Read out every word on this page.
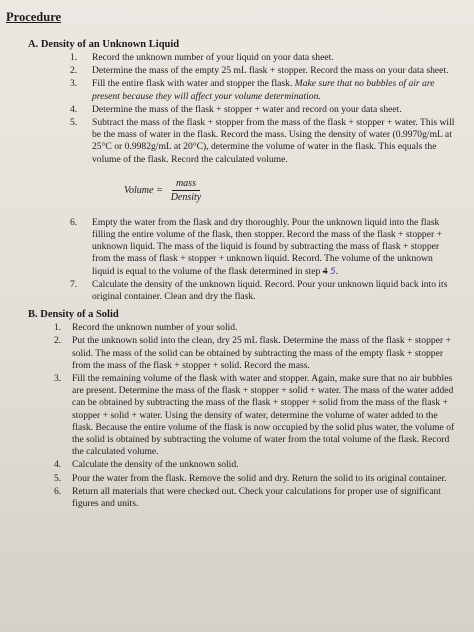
Procedure
A. Density of an Unknown Liquid
1. Record the unknown number of your liquid on your data sheet.
2. Determine the mass of the empty 25 mL flask + stopper. Record the mass on your data sheet.
3. Fill the entire flask with water and stopper the flask. Make sure that no bubbles of air are present because they will affect your volume determination.
4. Determine the mass of the flask + stopper + water and record on your data sheet.
5. Subtract the mass of the flask + stopper from the mass of the flask + stopper + water. This will be the mass of water in the flask. Record the mass. Using the density of water (0.9970g/mL at 25°C or 0.9982g/mL at 20°C), determine the volume of water in the flask. This equals the volume of the flask. Record the calculated volume.
Volume = $\frac{\text{mass}}{\text{Density}}$
6. Empty the water from the flask and dry thoroughly. Pour the unknown liquid into the flask filling the entire volume of the flask, then stopper. Record the mass of the flask + stopper + unknown liquid. The mass of the liquid is found by subtracting the mass of flask + stopper from the mass of flask + stopper + unknown liquid. Record. The volume of the unknown liquid is equal to the volume of the flask determined in step 4 5.
7. Calculate the density of the unknown liquid. Record. Pour your unknown liquid back into its original container. Clean and dry the flask.
B. Density of a Solid
1. Record the unknown number of your solid.
2. Put the unknown solid into the clean, dry 25 mL flask. Determine the mass of the flask + stopper + solid. The mass of the solid can be obtained by subtracting the mass of the empty flask + stopper from the mass of the flask + stopper + solid. Record the mass.
3. Fill the remaining volume of the flask with water and stopper. Again, make sure that no air bubbles are present. Determine the mass of the flask + stopper + solid + water. The mass of the water added can be obtained by subtracting the mass of the flask + stopper + solid from the mass of the flask + stopper + solid + water. Using the density of water, determine the volume of water added to the flask. Because the entire volume of the flask is now occupied by the solid plus water, the volume of the solid is obtained by subtracting the volume of water from the total volume of the flask. Record the calculated volume.
4. Calculate the density of the unknown solid.
5. Pour the water from the flask. Remove the solid and dry. Return the solid to its original container.
6. Return all materials that were checked out. Check your calculations for proper use of significant figures and units.
